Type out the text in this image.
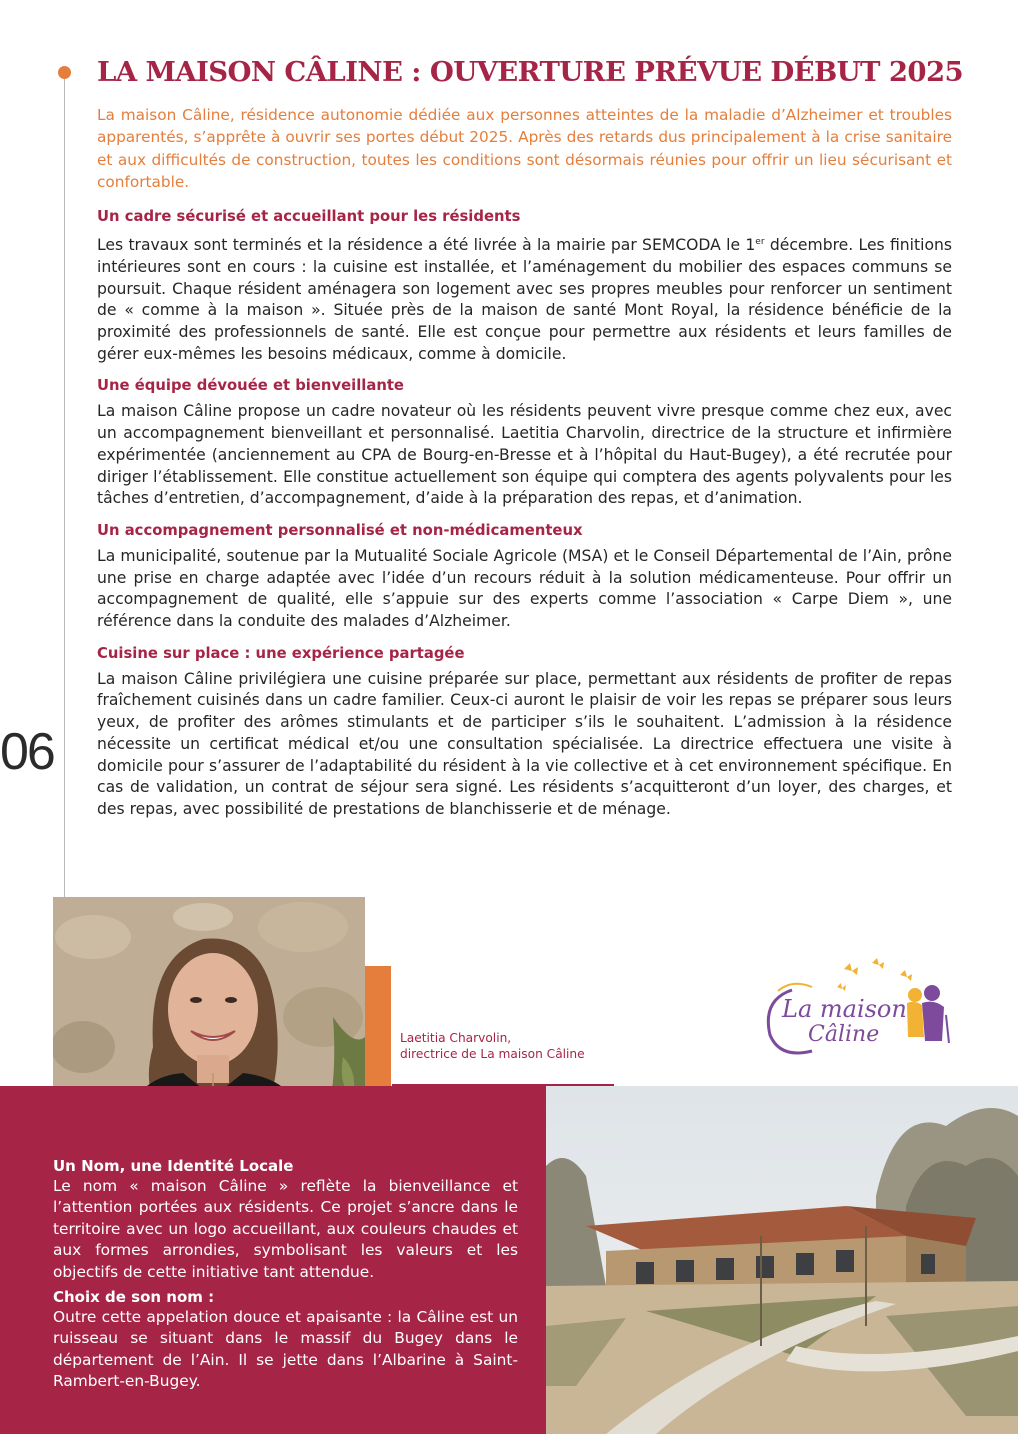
06
LA MAISON CÂLINE : OUVERTURE PRÉVUE DÉBUT 2025

La maison Câline, résidence autonomie dédiée aux personnes atteintes de la maladie d’Alzheimer et troubles apparentés, s’apprête à ouvrir ses portes début 2025. Après des retards dus principalement à la crise sanitaire et aux difficultés de construction, toutes les conditions sont désormais réunies pour offrir un lieu sécurisant et confortable.

Un cadre sécurisé et accueillant pour les résidents

Les travaux sont terminés et la résidence a été livrée à la mairie par SEMCODA le 1er décembre. Les finitions intérieures sont en cours : la cuisine est installée, et l’aménagement du mobilier des espaces communs se poursuit. Chaque résident aménagera son logement avec ses propres meubles pour renforcer un sentiment de « comme à la maison ». Située près de la maison de santé Mont Royal, la résidence bénéficie de la proximité des professionnels de santé. Elle est conçue pour permettre aux résidents et leurs familles de gérer eux-mêmes les besoins médicaux, comme à domicile.

Une équipe dévouée et bienveillante

La maison Câline propose un cadre novateur où les résidents peuvent vivre presque comme chez eux, avec un accompagnement bienveillant et personnalisé. Laetitia Charvolin, directrice de la structure et infirmière expérimentée (anciennement au CPA de Bourg-en-Bresse et à l’hôpital du Haut-Bugey), a été recrutée pour diriger l’établissement. Elle constitue actuellement son équipe qui comptera des agents polyvalents pour les tâches d’entretien, d’accompagnement, d’aide à la préparation des repas, et d’animation.

Un accompagnement personnalisé et non-médicamenteux

La municipalité, soutenue par la Mutualité Sociale Agricole (MSA) et le Conseil Départemental de l’Ain, prône une prise en charge adaptée avec l’idée d’un recours réduit à la solution médicamenteuse. Pour offrir un accompagnement de qualité, elle s’appuie sur des experts comme l’association « Carpe Diem », une référence dans la conduite des malades d’Alzheimer.

Cuisine sur place : une expérience partagée

La maison Câline privilégiera une cuisine préparée sur place, permettant aux résidents de profiter de repas fraîchement cuisinés dans un cadre familier. Ceux-ci auront le plaisir de voir les repas se préparer sous leurs yeux, de profiter des arômes stimulants et de participer s’ils le souhaitent. L’admission à la résidence nécessite un certificat médical et/ou une consultation spécialisée. La directrice effectuera une visite à domicile pour s’assurer de l’adaptabilité du résident à la vie collective et à cet environnement spécifique. En cas de validation, un contrat de séjour sera signé. Les résidents s’acquitteront d’un loyer, des charges, et des repas, avec possibilité de prestations de blanchisserie et de ménage.

Laetitia Charvolin,
directrice de La maison Câline
La maison
Câline
Un Nom, une Identité Locale

Le nom « maison Câline » reflète la bienveillance et l’attention portées aux résidents. Ce projet s’ancre dans le territoire avec un logo accueillant, aux couleurs chaudes et aux formes arrondies, symbolisant les valeurs et les objectifs de cette initiative tant attendue.

Choix de son nom :

Outre cette appelation douce et apaisante : la Câline est un ruisseau se situant dans le massif du Bugey dans le département de l’Ain. Il se jette dans l’Albarine à Saint-Rambert-en-Bugey.
